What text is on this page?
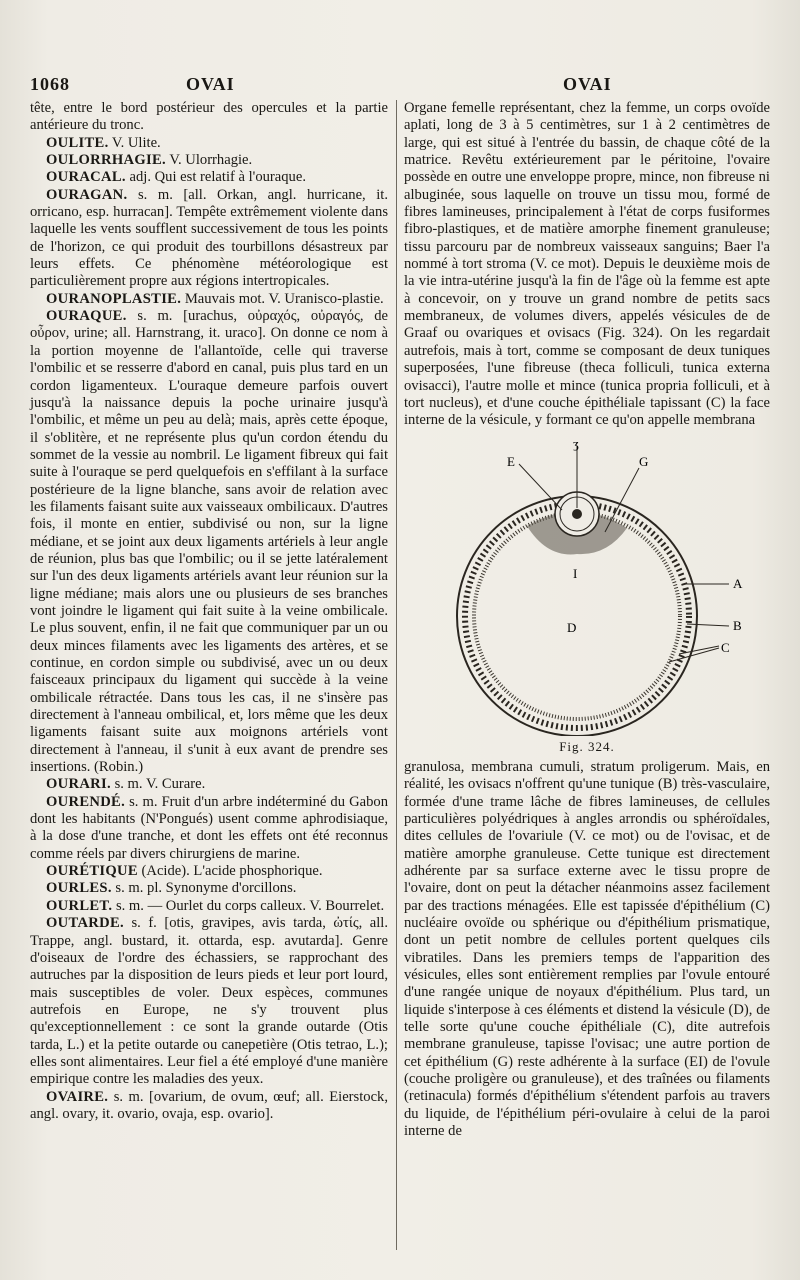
1068	OVAI	OVAI

tête, entre le bord postérieur des opercules et la partie antérieure du tronc.

OULITE. V. Ulite.

OULORRHAGIE. V. Ulorrhagie.

OURACAL. adj. Qui est relatif à l'ouraque.

OURAGAN. s. m. [all. Orkan, angl. hurricane, it. orricano, esp. hurracan]. Tempête extrêmement violente dans laquelle les vents soufflent successivement de tous les points de l'horizon, ce qui produit des tourbillons désastreux par leurs effets. Ce phénomène météorologique est particulièrement propre aux régions intertropicales.

OURANOPLASTIE. Mauvais mot. V. Uranisco-plastie.

OURAQUE. s. m. [urachus, οὐραχός, οὐραγός, de οὖρον, urine; all. Harnstrang, it. uraco]. On donne ce nom à la portion moyenne de l'allantoïde, celle qui traverse l'ombilic et se resserre d'abord en canal, puis plus tard en un cordon ligamenteux. L'ouraque demeure parfois ouvert jusqu'à la naissance depuis la poche urinaire jusqu'à l'ombilic, et même un peu au delà; mais, après cette époque, il s'oblitère, et ne représente plus qu'un cordon étendu du sommet de la vessie au nombril. Le ligament fibreux qui fait suite à l'ouraque se perd quelquefois en s'effilant à la surface postérieure de la ligne blanche, sans avoir de relation avec les filaments faisant suite aux vaisseaux ombilicaux. D'autres fois, il monte en entier, subdivisé ou non, sur la ligne médiane, et se joint aux deux ligaments artériels à leur angle de réunion, plus bas que l'ombilic; ou il se jette latéralement sur l'un des deux ligaments artériels avant leur réunion sur la ligne médiane; mais alors une ou plusieurs de ses branches vont joindre le ligament qui fait suite à la veine ombilicale. Le plus souvent, enfin, il ne fait que communiquer par un ou deux minces filaments avec les ligaments des artères, et se continue, en cordon simple ou subdivisé, avec un ou deux faisceaux principaux du ligament qui succède à la veine ombilicale rétractée. Dans tous les cas, il ne s'insère pas directement à l'anneau ombilical, et, lors même que les deux ligaments faisant suite aux moignons artériels vont directement à l'anneau, il s'unit à eux avant de prendre ses insertions. (Robin.)

OURARI. s. m. V. Curare.

OURENDÉ. s. m. Fruit d'un arbre indéterminé du Gabon dont les habitants (N'Pongués) usent comme aphrodisiaque, à la dose d'une tranche, et dont les effets ont été reconnus comme réels par divers chirurgiens de marine.

OURÉTIQUE (Acide). L'acide phosphorique.

OURLES. s. m. pl. Synonyme d'orcillons.

OURLET. s. m. — Ourlet du corps calleux. V. Bourrelet.

OUTARDE. s. f. [otis, gravipes, avis tarda, ὠτίς, all. Trappe, angl. bustard, it. ottarda, esp. avutarda]. Genre d'oiseaux de l'ordre des échassiers, se rapprochant des autruches par la disposition de leurs pieds et leur port lourd, mais susceptibles de voler. Deux espèces, communes autrefois en Europe, ne s'y trouvent plus qu'exceptionnellement : ce sont la grande outarde (Otis tarda, L.) et la petite outarde ou canepetière (Otis tetrao, L.); elles sont alimentaires. Leur fiel a été employé d'une manière empirique contre les maladies des yeux.

OVAIRE. s. m. [ovarium, de ovum, œuf; all. Eierstock, angl. ovary, it. ovario, ovaja, esp. ovario].

Organe femelle représentant, chez la femme, un corps ovoïde aplati, long de 3 à 5 centimètres, sur 1 à 2 centimètres de large, qui est situé à l'entrée du bassin, de chaque côté de la matrice. Revêtu extérieurement par le péritoine, l'ovaire possède en outre une enveloppe propre, mince, non fibreuse ni albuginée, sous laquelle on trouve un tissu mou, formé de fibres lamineuses, principalement à l'état de corps fusiformes fibro-plastiques, et de matière amorphe finement granuleuse; tissu parcouru par de nombreux vaisseaux sanguins; Baer l'a nommé à tort stroma (V. ce mot). Depuis le deuxième mois de la vie intra-utérine jusqu'à la fin de l'âge où la femme est apte à concevoir, on y trouve un grand nombre de petits sacs membraneux, de volumes divers, appelés vésicules de de Graaf ou ovariques et ovisacs (Fig. 324). On les regardait autrefois, mais à tort, comme se composant de deux tuniques superposées, l'une fibreuse (theca folliculi, tunica externa ovisacci), l'autre molle et mince (tunica propria folliculi, et à tort nucleus), et d'une couche épithéliale tapissant (C) la face interne de la vésicule, y formant ce qu'on appelle membrana

ʒ
E	G
I
D
A
B
C
Fig. 324.

granulosa, membrana cumuli, stratum proligerum. Mais, en réalité, les ovisacs n'offrent qu'une tunique (B) très-vasculaire, formée d'une trame lâche de fibres lamineuses, de cellules particulières polyédriques à angles arrondis ou sphéroïdales, dites cellules de l'ovariule (V. ce mot) ou de l'ovisac, et de matière amorphe granuleuse. Cette tunique est directement adhérente par sa surface externe avec le tissu propre de l'ovaire, dont on peut la détacher néanmoins assez facilement par des tractions ménagées. Elle est tapissée d'épithélium (C) nucléaire ovoïde ou sphérique ou d'épithélium prismatique, dont un petit nombre de cellules portent quelques cils vibratiles. Dans les premiers temps de l'apparition des vésicules, elles sont entièrement remplies par l'ovule entouré d'une rangée unique de noyaux d'épithélium. Plus tard, un liquide s'interpose à ces éléments et distend la vésicule (D), de telle sorte qu'une couche épithéliale (C), dite autrefois membrane granuleuse, tapisse l'ovisac; une autre portion de cet épithélium (G) reste adhérente à la surface (EI) de l'ovule (couche proligère ou granuleuse), et des traînées ou filaments (retinacula) formés d'épithélium s'étendent parfois au travers du liquide, de l'épithélium péri-ovulaire à celui de la paroi interne de
